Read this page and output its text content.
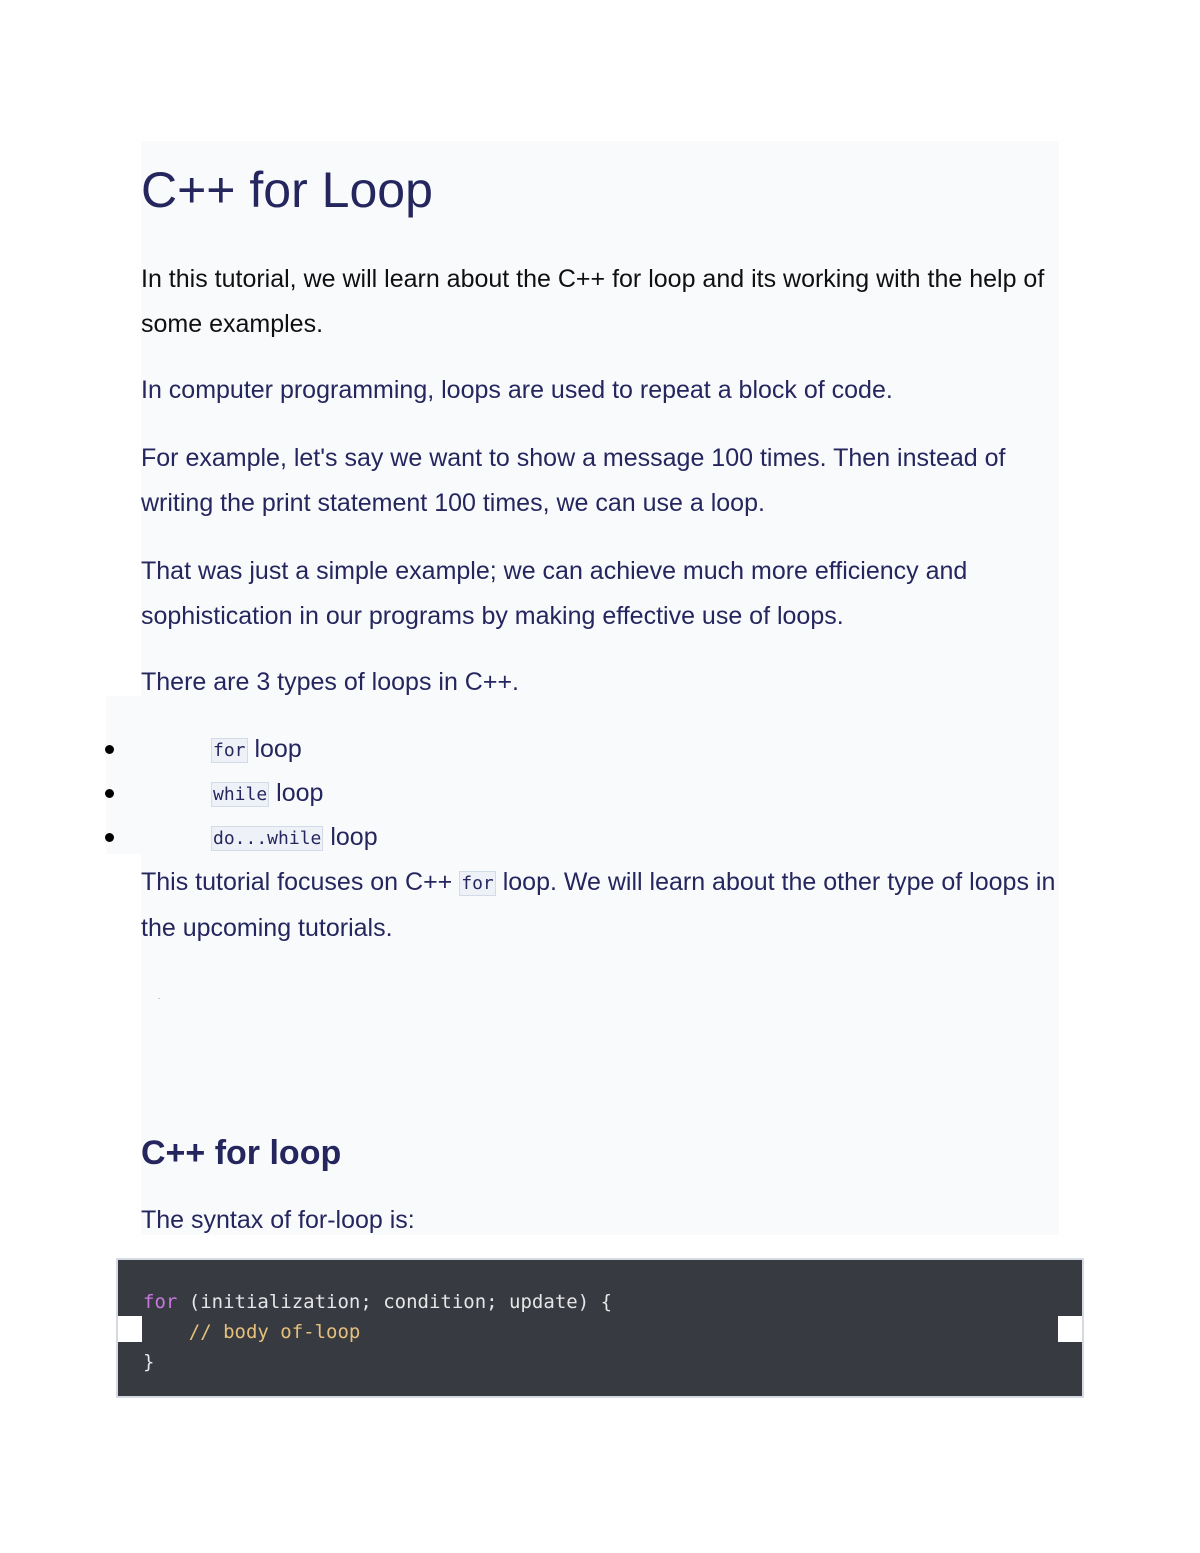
C++ for Loop

In this tutorial, we will learn about the C++ for loop and its working with the help of some examples.

In computer programming, loops are used to repeat a block of code.

For example, let's say we want to show a message 100 times. Then instead of writing the print statement 100 times, we can use a loop.

That was just a simple example; we can achieve much more efficiency and sophistication in our programs by making effective use of loops.

There are 3 types of loops in C++.

for loop
while loop
do...while loop

This tutorial focuses on C++ for loop. We will learn about the other type of loops in the upcoming tutorials.

C++ for loop

The syntax of for-loop is:

for (initialization; condition; update) {
// body of-loop
}
